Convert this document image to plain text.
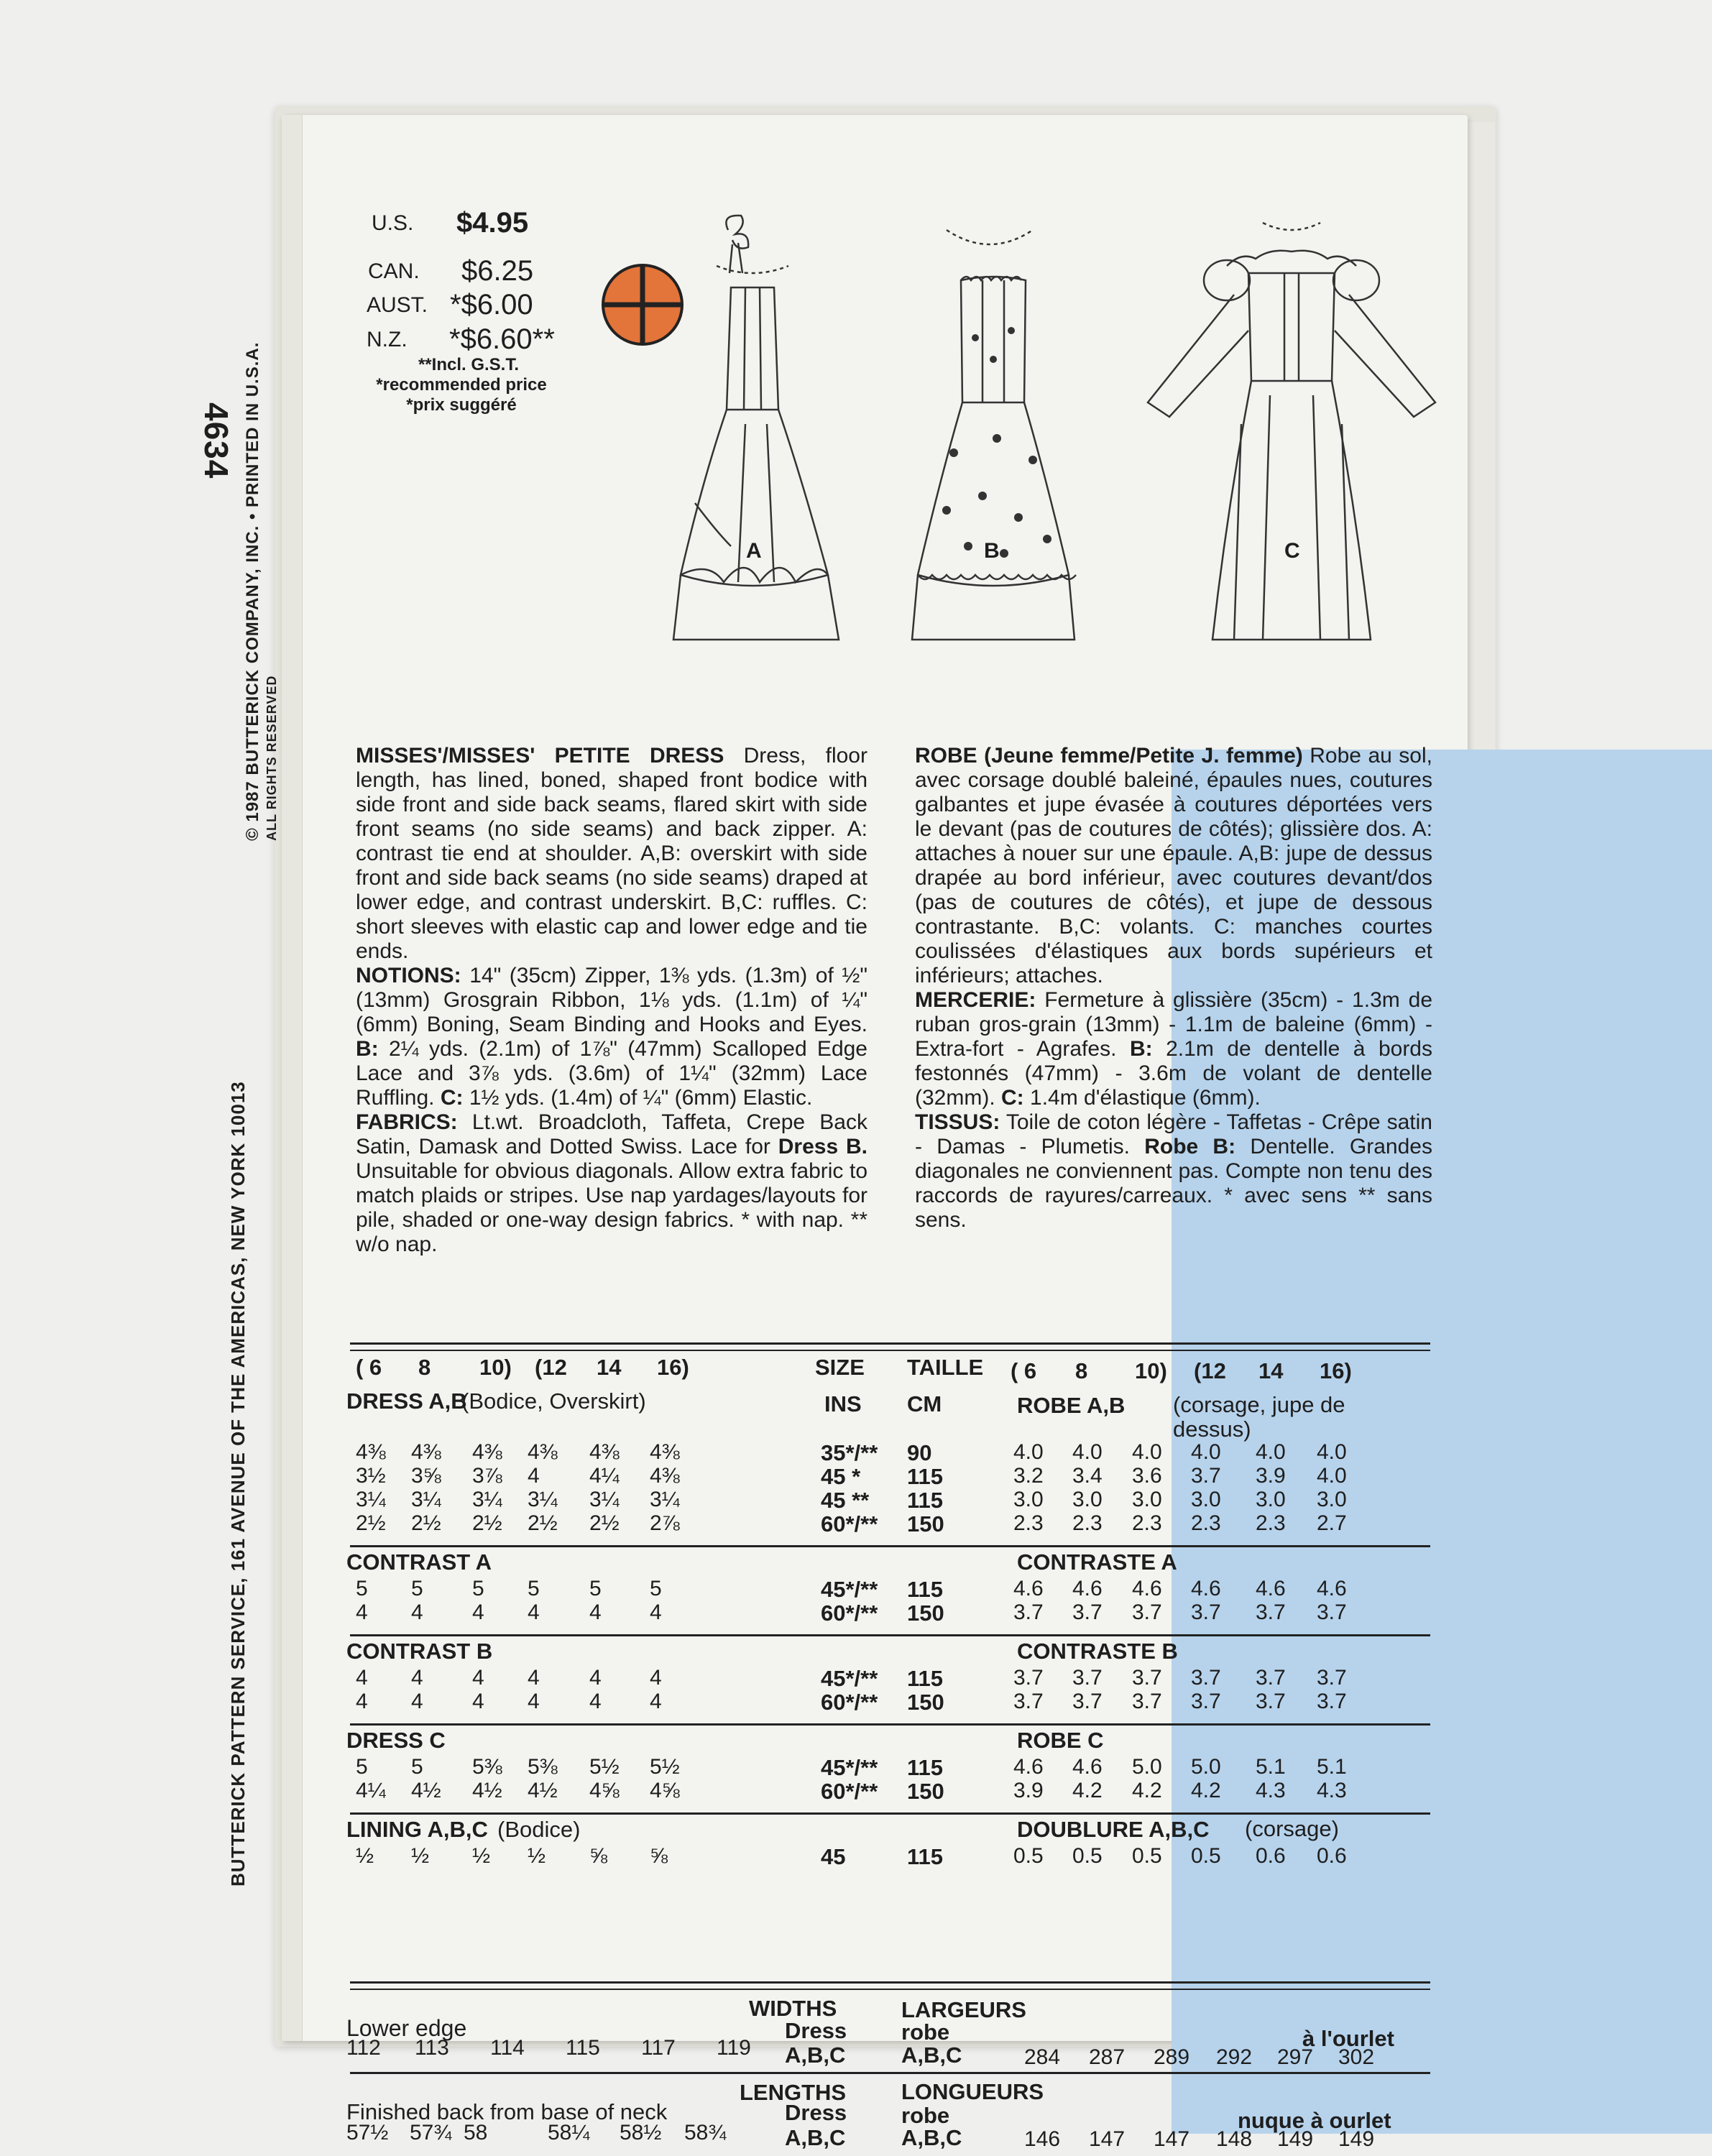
© 1987 BUTTERICK COMPANY, INC. • PRINTED IN U.S.A. ALL RIGHTS RESERVED
BUTTERICK PATTERN SERVICE, 161 AVENUE OF THE AMERICAS, NEW YORK 10013
4634
U.S. $4.95
CAN. $6.25
AUST. *$6.00
N.Z. *$6.60**
**Incl. G.S.T.
*recommended price
*prix suggéré
A	B	C
MISSES'/MISSES' PETITE DRESS Dress, floor length, has lined, boned, shaped front bodice with side front and side back seams, flared skirt with side front seams (no side seams) and back zipper. A: contrast tie end at shoulder. A,B: overskirt with side front and side back seams (no side seams) draped at lower edge, and contrast underskirt. B,C: ruffles. C: short sleeves with elastic cap and lower edge and tie ends.
NOTIONS: 14" (35cm) Zipper, 1⅜ yds. (1.3m) of ½" (13mm) Grosgrain Ribbon, 1⅛ yds. (1.1m) of ¼" (6mm) Boning, Seam Binding and Hooks and Eyes. B: 2¼ yds. (2.1m) of 1⅞" (47mm) Scalloped Edge Lace and 3⅞ yds. (3.6m) of 1¼" (32mm) Lace Ruffling. C: 1½ yds. (1.4m) of ¼" (6mm) Elastic.
FABRICS: Lt.wt. Broadcloth, Taffeta, Crepe Back Satin, Damask and Dotted Swiss. Lace for Dress B. Unsuitable for obvious diagonals. Allow extra fabric to match plaids or stripes. Use nap yardages/layouts for pile, shaded or one-way design fabrics. * with nap. ** w/o nap.
ROBE (Jeune femme/Petite J. femme) Robe au sol, avec corsage doublé baleiné, épaules nues, coutures galbantes et jupe évasée à coutures déportées vers le devant (pas de coutures de côtés); glissière dos. A: attaches à nouer sur une épaule. A,B: jupe de dessus drapée au bord inférieur, avec coutures devant/dos (pas de coutures de côtés), et jupe de dessous contrastante. B,C: volants. C: manches courtes coulissées d'élastiques aux bords supérieurs et inférieurs; attaches.
MERCERIE: Fermeture à glissière (35cm) - 1.3m de ruban gros-grain (13mm) - 1.1m de baleine (6mm) - Extra-fort - Agrafes. B: 2.1m de dentelle à bords festonnés (47mm) - 3.6m de volant de dentelle (32mm). C: 1.4m d'élastique (6mm).
TISSUS: Toile de coton légère - Taffetas - Crêpe satin - Damas - Plumetis. Robe B: Dentelle. Grandes diagonales ne conviennent pas. Compte non tenu des raccords de rayures/carreaux. * avec sens ** sans sens.
( 6 8 10) (12 14 16)	SIZE TAILLE ( 6 8 10) (12 14 16)
INS CM
DRESS A,B
(Bodice, Overskirt)	ROBE A,B (corsage, jupe de dessus)
4⅜ 4⅜ 4⅜ 4⅜ 4⅜ 4⅜	35*/** 90	4.0 4.0 4.0 4.0 4.0 4.0
3½ 3⅝ 3⅞ 4 4¼ 4⅜	45 * 115	3.2 3.4 3.6 3.7 3.9 4.0
3¼ 3¼ 3¼ 3¼ 3¼ 3¼	45 ** 115	3.0 3.0 3.0 3.0 3.0 3.0
2½ 2½ 2½ 2½ 2½ 2⅞	60*/** 150	2.3 2.3 2.3 2.3 2.3 2.7
CONTRAST A	CONTRASTE A
5 5 5 5 5 5	45*/** 115	4.6 4.6 4.6 4.6 4.6 4.6
4 4 4 4 4 4	60*/** 150	3.7 3.7 3.7 3.7 3.7 3.7
CONTRAST B	CONTRASTE B
4 4 4 4 4 4	45*/** 115	3.7 3.7 3.7 3.7 3.7 3.7
4 4 4 4 4 4	60*/** 150	3.7 3.7 3.7 3.7 3.7 3.7
DRESS C	ROBE C
5 5 5⅜ 5⅜ 5½ 5½	45*/** 115	4.6 4.6 5.0 5.0 5.1 5.1
4¼ 4½ 4½ 4½ 4⅝ 4⅝	60*/** 150	3.9 4.2 4.2 4.2 4.3 4.3
LINING A,B,C (Bodice)	DOUBLURE A,B,C (corsage)
½ ½ ½ ½ ⅝ ⅝	45	115	0.5 0.5 0.5 0.5 0.6 0.6
WIDTHS	LARGEURS
Lower edge	Dress robe	à l'ourlet
112 113 114 115 117 119 A,B,C	A,B,C	284 287 289 292 297 302
LENGTHS LONGUEURS
Finished back from base of neck	Dress robe	nuque à ourlet
57½ 57¾ 58	58¼ 58½ 58¾	A,B,C	A,B,C	146 147 147 148 149 149
